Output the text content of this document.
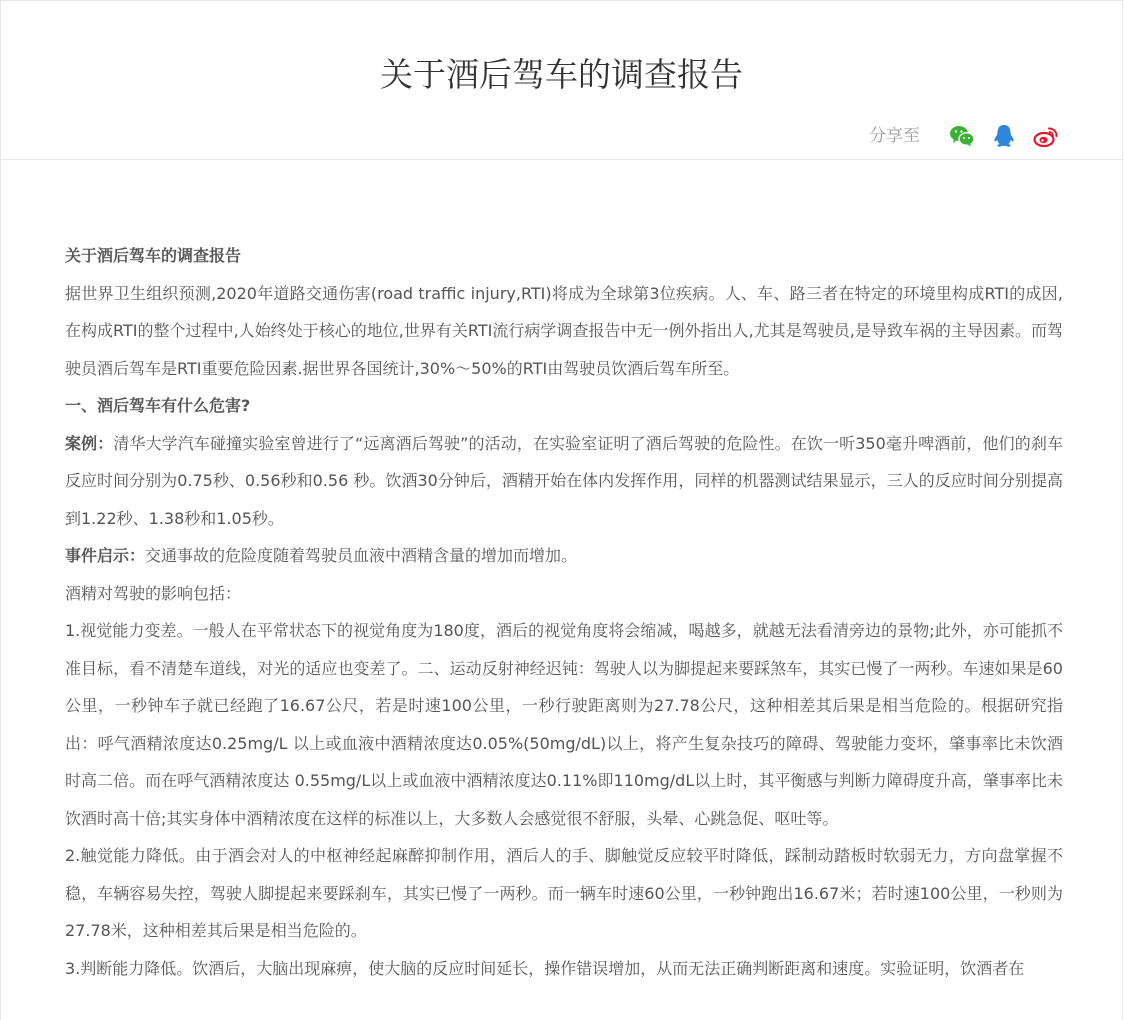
关于酒后驾车的调查报告
分享至

关于酒后驾车的调查报告

据世界卫生组织预测,2020年道路交通伤害(road traffic injury,RTI)将成为全球第3位疾病。人、车、路三者在特定的环境里构成RTI的成因,在构成RTI的整个过程中,人始终处于核心的地位,世界有关RTI流行病学调查报告中无一例外指出人,尤其是驾驶员,是导致车祸的主导因素。而驾驶员酒后驾车是RTI重要危险因素.据世界各国统计,30%～50%的RTI由驾驶员饮酒后驾车所至。

一、酒后驾车有什么危害?

案例：清华大学汽车碰撞实验室曾进行了“远离酒后驾驶”的活动，在实验室证明了酒后驾驶的危险性。在饮一听350毫升啤酒前，他们的刹车反应时间分别为0.75秒、0.56秒和0.56 秒。饮酒30分钟后，酒精开始在体内发挥作用，同样的机器测试结果显示，三人的反应时间分别提高到1.22秒、1.38秒和1.05秒。

事件启示：交通事故的危险度随着驾驶员血液中酒精含量的增加而增加。

酒精对驾驶的影响包括：

1.视觉能力变差。一般人在平常状态下的视觉角度为180度，酒后的视觉角度将会缩减，喝越多，就越无法看清旁边的景物;此外，亦可能抓不准目标，看不清楚车道线，对光的适应也变差了。二、运动反射神经迟钝：驾驶人以为脚提起来要踩煞车，其实已慢了一两秒。车速如果是60公里，一秒钟车子就已经跑了16.67公尺，若是时速100公里，一秒行驶距离则为27.78公尺，这种相差其后果是相当危险的。根据研究指出：呼气酒精浓度达0.25mg/L 以上或血液中酒精浓度达0.05%(50mg/dL)以上，将产生复杂技巧的障碍、驾驶能力变坏，肇事率比未饮酒时高二倍。而在呼气酒精浓度达 0.55mg/L以上或血液中酒精浓度达0.11%即110mg/dL以上时，其平衡感与判断力障碍度升高，肇事率比未饮酒时高十倍;其实身体中酒精浓度在这样的标准以上，大多数人会感觉很不舒服，头晕、心跳急促、呕吐等。

2.触觉能力降低。由于酒会对人的中枢神经起麻醉抑制作用，酒后人的手、脚触觉反应较平时降低，踩制动踏板时软弱无力，方向盘掌握不稳，车辆容易失控，驾驶人脚提起来要踩刹车，其实已慢了一两秒。而一辆车时速60公里，一秒钟跑出16.67米；若时速100公里，一秒则为27.78米，这种相差其后果是相当危险的。

3.判断能力降低。饮酒后，大脑出现麻痹，使大脑的反应时间延长，操作错误增加，从而无法正确判断距离和速度。实验证明，饮酒者在
